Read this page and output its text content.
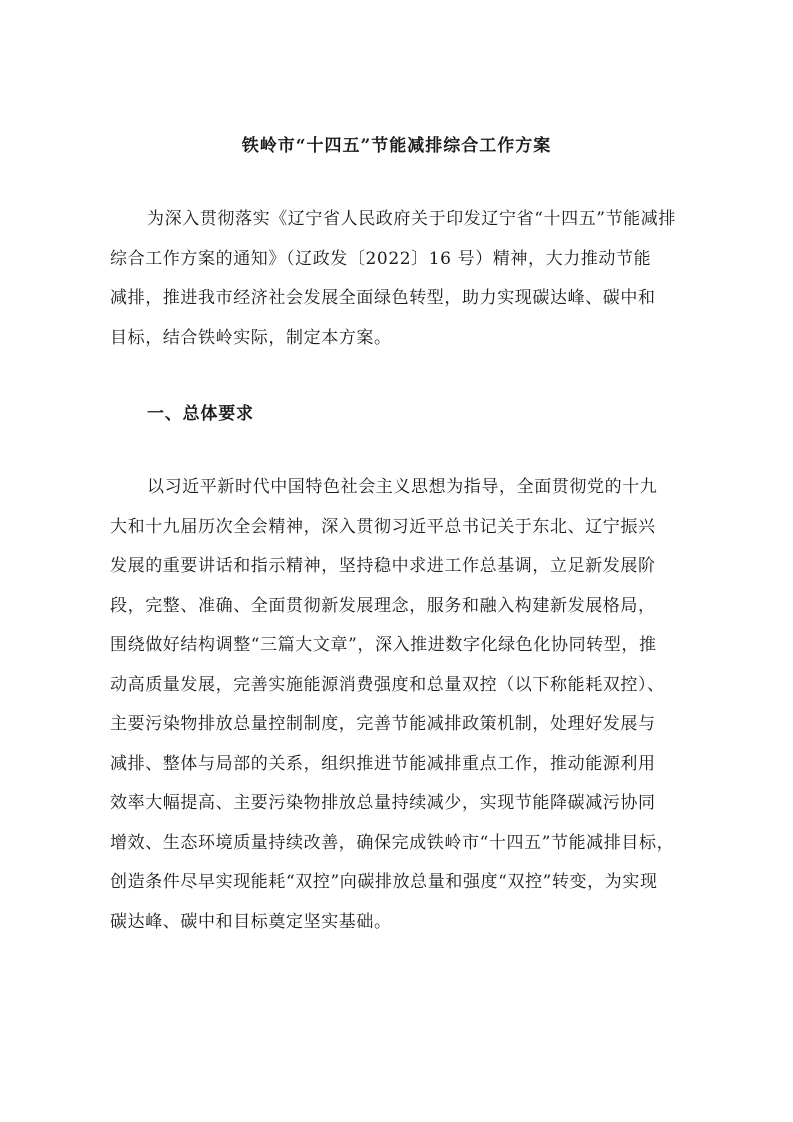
铁岭市“十四五”节能减排综合工作方案
为深入贯彻落实《辽宁省人民政府关于印发辽宁省“十四五”节能减排
综合工作方案的通知》（辽政发〔2022〕16 号）精神，大力推动节能
减排，推进我市经济社会发展全面绿色转型，助力实现碳达峰、碳中和
目标，结合铁岭实际，制定本方案。
一、总体要求
以习近平新时代中国特色社会主义思想为指导，全面贯彻党的十九
大和十九届历次全会精神，深入贯彻习近平总书记关于东北、辽宁振兴
发展的重要讲话和指示精神，坚持稳中求进工作总基调，立足新发展阶
段，完整、准确、全面贯彻新发展理念，服务和融入构建新发展格局，
围绕做好结构调整“三篇大文章”，深入推进数字化绿色化协同转型，推
动高质量发展，完善实施能源消费强度和总量双控（以下称能耗双控）、
主要污染物排放总量控制制度，完善节能减排政策机制，处理好发展与
减排、整体与局部的关系，组织推进节能减排重点工作，推动能源利用
效率大幅提高、主要污染物排放总量持续减少，实现节能降碳减污协同
增效、生态环境质量持续改善，确保完成铁岭市“十四五”节能减排目标，
创造条件尽早实现能耗“双控”向碳排放总量和强度“双控”转变，为实现
碳达峰、碳中和目标奠定坚实基础。
